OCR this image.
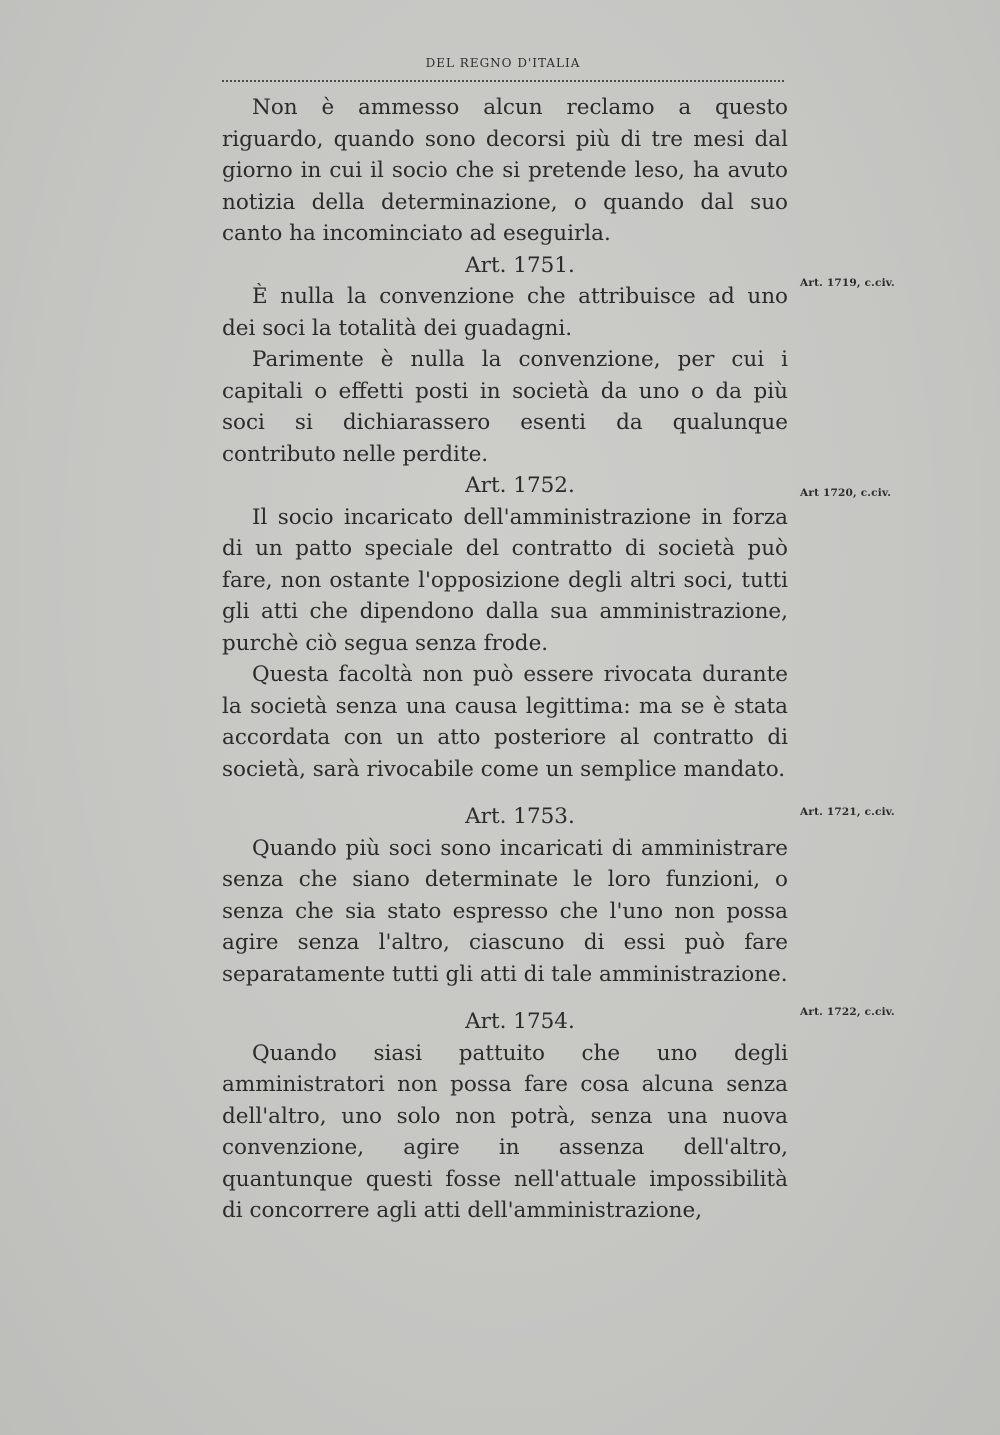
DEL REGNO D'ITALIA

Non è ammesso alcun reclamo a questo riguardo, quando sono decorsi più di tre mesi dal giorno in cui il socio che si pretende leso, ha avuto notizia della determinazione, o quando dal suo canto ha incominciato ad eseguirla.

Art. 1751.

È nulla la convenzione che attribuisce ad uno dei soci la totalità dei guadagni.

Parimente è nulla la convenzione, per cui i capitali o effetti posti in società da uno o da più soci si dichiarassero esenti da qualunque contributo nelle perdite.

Art. 1752.

Il socio incaricato dell'amministrazione in forza di un patto speciale del contratto di società può fare, non ostante l'opposizione degli altri soci, tutti gli atti che dipendono dalla sua amministrazione, purchè ciò segua senza frode.

Questa facoltà non può essere rivocata durante la società senza una causa legittima: ma se è stata accordata con un atto posteriore al contratto di società, sarà rivocabile come un semplice mandato.

Art. 1753.

Quando più soci sono incaricati di amministrare senza che siano determinate le loro funzioni, o senza che sia stato espresso che l'uno non possa agire senza l'altro, ciascuno di essi può fare separatamente tutti gli atti di tale amministrazione.

Art. 1754.

Quando siasi pattuito che uno degli amministratori non possa fare cosa alcuna senza dell'altro, uno solo non potrà, senza una nuova convenzione, agire in assenza dell'altro, quantunque questi fosse nell'attuale impossibilità di concorrere agli atti dell'amministrazione,

Art. 1719, c.civ.
Art 1720, c.civ.
Art. 1721, c.civ.
Art. 1722, c.civ.
